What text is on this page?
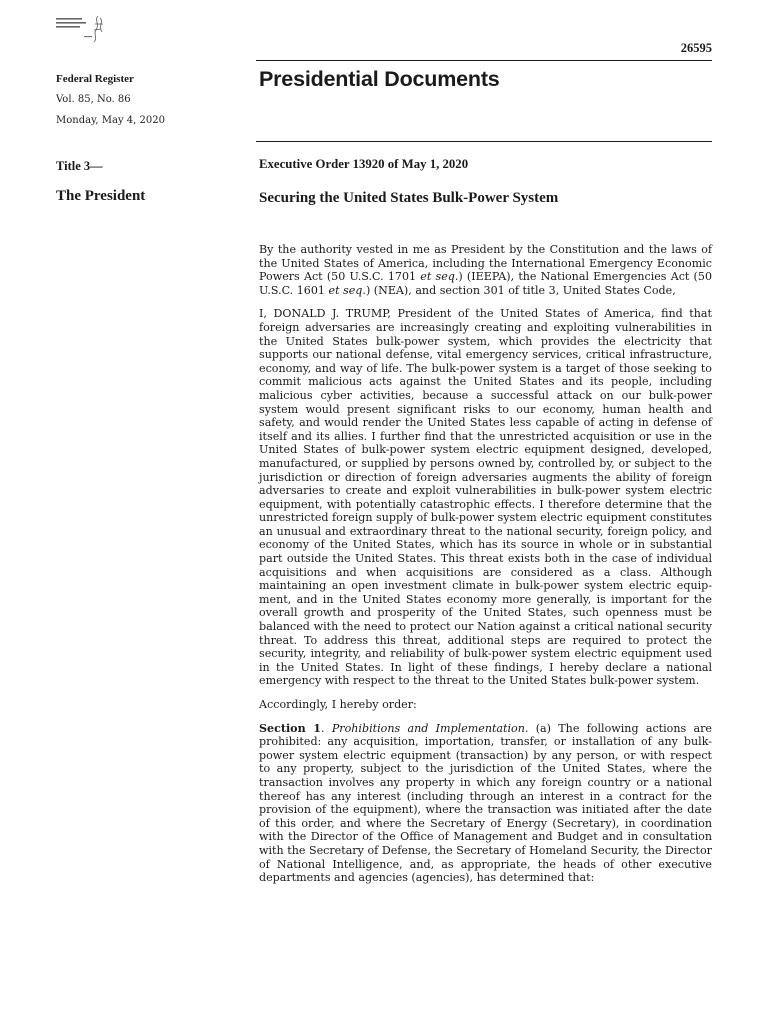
26595
Federal Register
Vol. 85, No. 86
Monday, May 4, 2020
Presidential Documents
Title 3—
The President
Executive Order 13920 of May 1, 2020
Securing the United States Bulk-Power System

By the authority vested in me as President by the Constitution and the laws of the United States of America, including the International Emergency Economic Powers Act (50 U.S.C. 1701 et seq.) (IEEPA), the National Emergencies Act (50 U.S.C. 1601 et seq.) (NEA), and section 301 of title 3, United States Code,

I, DONALD J. TRUMP, President of the United States of America, find that foreign adversaries are increasingly creating and exploiting vulnerabilities in the United States bulk-power system, which provides the electricity that supports our national defense, vital emergency services, critical infrastructure, economy, and way of life. The bulk-power system is a target of those seeking to commit malicious acts against the United States and its people, including malicious cyber activities, because a successful attack on our bulk-power system would present significant risks to our economy, human health and safety, and would render the United States less capable of acting in defense of itself and its allies. I further find that the unrestricted acquisition or use in the United States of bulk-power system electric equipment designed, developed, manufactured, or supplied by persons owned by, controlled by, or subject to the jurisdiction or direction of foreign adversaries augments the ability of foreign adversaries to create and exploit vulnerabilities in bulk-power system electric equipment, with potentially catastrophic effects. I therefore determine that the unrestricted foreign supply of bulk-power system electric equipment constitutes an unusual and extraordinary threat to the national security, foreign policy, and economy of the United States, which has its source in whole or in substantial part outside the United States. This threat exists both in the case of individual acquisitions and when acquisitions are considered as a class. Although maintaining an open investment climate in bulk-power system electric equipment, and in the United States economy more generally, is important for the overall growth and prosperity of the United States, such openness must be balanced with the need to protect our Nation against a critical national security threat. To address this threat, additional steps are required to protect the security, integrity, and reliability of bulk-power system electric equipment used in the United States. In light of these findings, I hereby declare a national emergency with respect to the threat to the United States bulk-power system.

Accordingly, I hereby order:

Section 1. Prohibitions and Implementation. (a) The following actions are prohibited: any acquisition, importation, transfer, or installation of any bulk-power system electric equipment (transaction) by any person, or with respect to any property, subject to the jurisdiction of the United States, where the transaction involves any property in which any foreign country or a national thereof has any interest (including through an interest in a contract for the provision of the equipment), where the transaction was initiated after the date of this order, and where the Secretary of Energy (Secretary), in coordination with the Director of the Office of Management and Budget and in consultation with the Secretary of Defense, the Secretary of Homeland Security, the Director of National Intelligence, and, as appropriate, the heads of other executive departments and agencies (agencies), has determined that:
